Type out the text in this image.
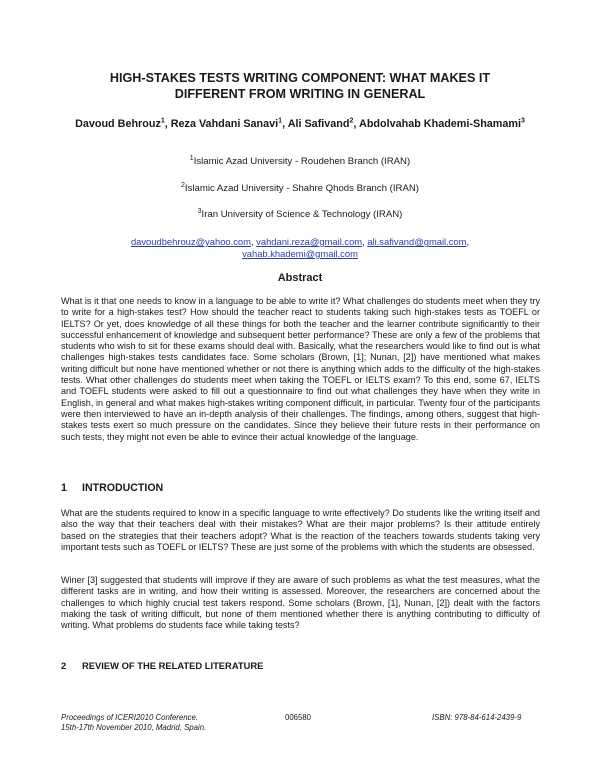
HIGH-STAKES TESTS WRITING COMPONENT: WHAT MAKES IT
DIFFERENT FROM WRITING IN GENERAL
Davoud Behrouz$^1$, Reza Vahdani Sanavi$^1$, Ali Safivand$^2$, Abdolvahab Khademi-Shamami$^3$
$^1$Islamic Azad University - Roudehen Branch (IRAN)
$^2$Islamic Azad University - Shahre Qhods Branch (IRAN)
$^3$Iran University of Science & Technology (IRAN)
davoudbehrouz@yahoo.com, vahdani.reza@gmail.com, ali.safivand@gmail.com, vahab.khademi@gmail.com
Abstract

What is it that one needs to know in a language to be able to write it? What challenges do students meet when they try to write for a high-stakes test? How should the teacher react to students taking such high-stakes tests as TOEFL or IELTS? Or yet, does knowledge of all these things for both the teacher and the learner contribute significantly to their successful enhancement of knowledge and subsequent better performance? These are only a few of the problems that students who wish to sit for these exams should deal with. Basically, what the researchers would like to find out is what challenges high-stakes tests candidates face. Some scholars (Brown, [1]; Nunan, [2]) have mentioned what makes writing difficult but none have mentioned whether or not there is anything which adds to the difficulty of the high-stakes tests. What other challenges do students meet when taking the TOEFL or IELTS exam? To this end, some 67, IELTS and TOEFL students were asked to fill out a questionnaire to find out what challenges they have when they write in English, in general and what makes high-stakes writing component difficult, in particular. Twenty four of the participants were then interviewed to have an in-depth analysis of their challenges. The findings, among others, suggest that high-stakes tests exert so much pressure on the candidates. Since they believe their future rests in their performance on such tests, they might not even be able to evince their actual knowledge of the language.

1 INTRODUCTION

What are the students required to know in a specific language to write effectively? Do students like the writing itself and also the way that their teachers deal with their mistakes? What are their major problems? Is their attitude entirely based on the strategies that their teachers adopt? What is the reaction of the teachers towards students taking very important tests such as TOEFL or IELTS? These are just some of the problems with which the students are obsessed.

Winer [3] suggested that students will improve if they are aware of such problems as what the test measures, what the different tasks are in writing, and how their writing is assessed. Moreover, the researchers are concerned about the challenges to which highly crucial test takers respond. Some scholars (Brown, [1], Nunan, [2]) dealt with the factors making the task of writing difficult, but none of them mentioned whether there is anything contributing to difficulty of writing. What problems do students face while taking tests?

2 REVIEW OF THE RELATED LITERATURE
Proceedings of ICERI2010 Conference.
15th-17th November 2010, Madrid, Spain.
006580	ISBN: 978-84-614-2439-9
